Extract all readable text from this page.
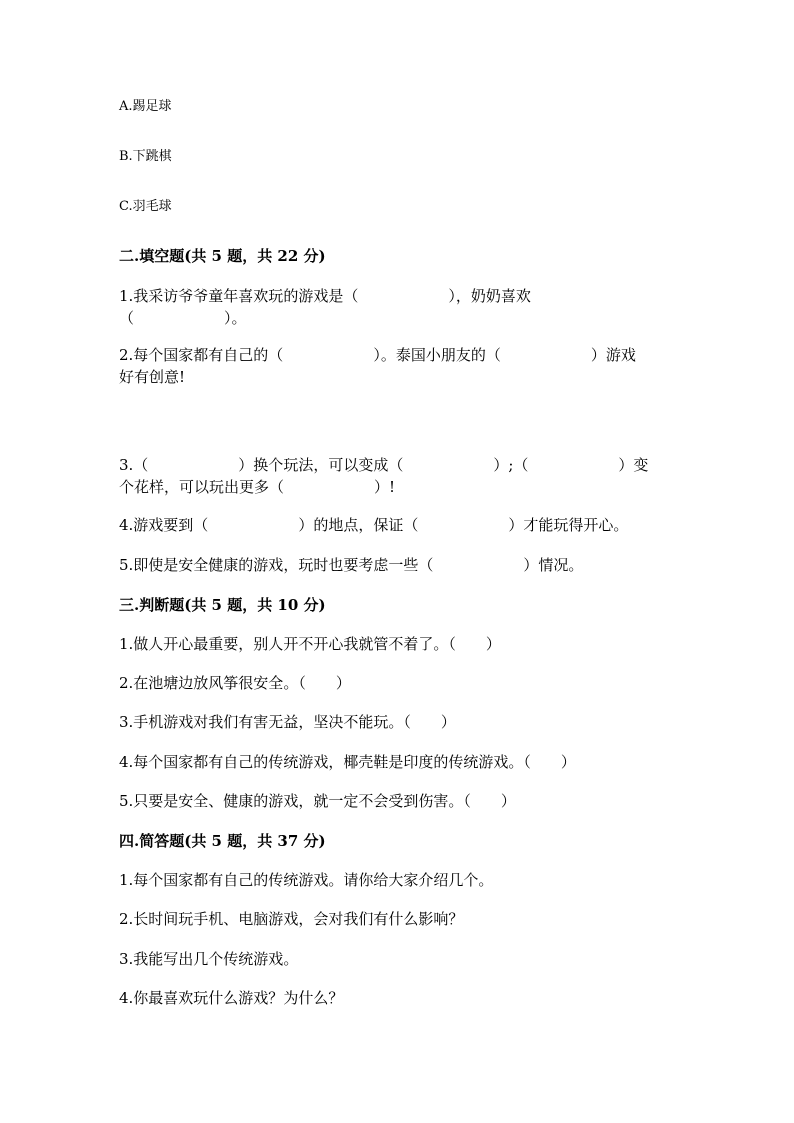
A.踢足球
B.下跳棋
C.羽毛球
二.填空题(共 5 题，共 22 分)
1.我采访爷爷童年喜欢玩的游戏是（　　　　　　），奶奶喜欢
（　　　　　　）。
2.每个国家都有自己的（　　　　　　）。泰国小朋友的（　　　　　　）游戏
好有创意!
3.（　　　　　　）换个玩法，可以变成（　　　　　　）;（　　　　　　）变
个花样，可以玩出更多（　　　　　　）!
4.游戏要到（　　　　　　）的地点，保证（　　　　　　）才能玩得开心。
5.即使是安全健康的游戏，玩时也要考虑一些（　　　　　　）情况。
三.判断题(共 5 题，共 10 分)
1.做人开心最重要，别人开不开心我就管不着了。（　　）
2.在池塘边放风筝很安全。（　　）
3.手机游戏对我们有害无益，坚决不能玩。（　　）
4.每个国家都有自己的传统游戏，椰壳鞋是印度的传统游戏。（　　）
5.只要是安全、健康的游戏，就一定不会受到伤害。（　　）
四.简答题(共 5 题，共 37 分)
1.每个国家都有自己的传统游戏。请你给大家介绍几个。
2.长时间玩手机、电脑游戏，会对我们有什么影响？
3.我能写出几个传统游戏。
4.你最喜欢玩什么游戏？为什么？
